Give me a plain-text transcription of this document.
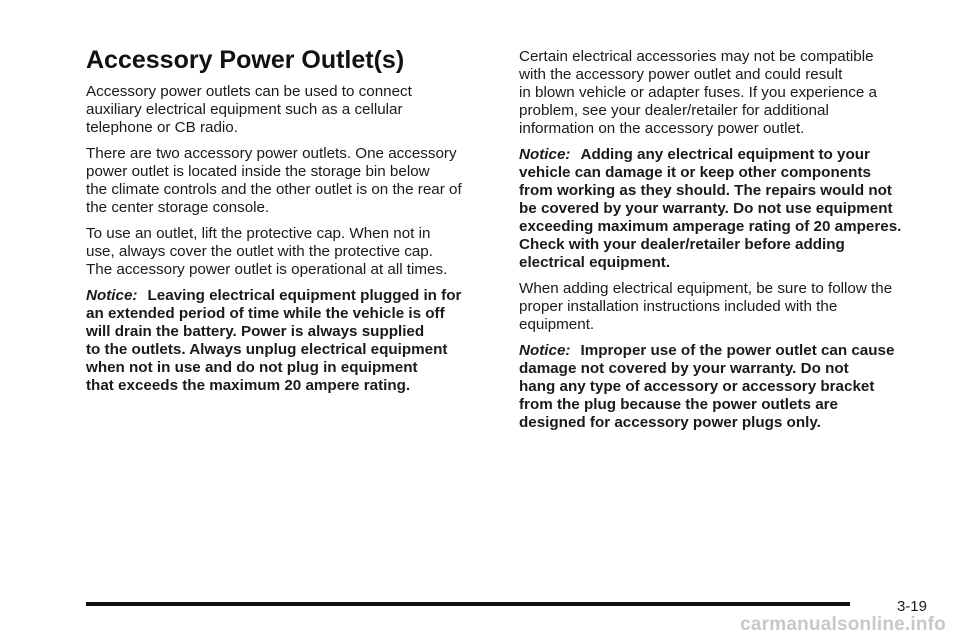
Accessory Power Outlet(s)

Accessory power outlets can be used to connect
auxiliary electrical equipment such as a cellular
telephone or CB radio.

There are two accessory power outlets. One accessory
power outlet is located inside the storage bin below
the climate controls and the other outlet is on the rear of
the center storage console.

To use an outlet, lift the protective cap. When not in
use, always cover the outlet with the protective cap.
The accessory power outlet is operational at all times.

Notice: Leaving electrical equipment plugged in for
an extended period of time while the vehicle is off
will drain the battery. Power is always supplied
to the outlets. Always unplug electrical equipment
when not in use and do not plug in equipment
that exceeds the maximum 20 ampere rating.

Certain electrical accessories may not be compatible
with the accessory power outlet and could result
in blown vehicle or adapter fuses. If you experience a
problem, see your dealer/retailer for additional
information on the accessory power outlet.

Notice: Adding any electrical equipment to your
vehicle can damage it or keep other components
from working as they should. The repairs would not
be covered by your warranty. Do not use equipment
exceeding maximum amperage rating of 20 amperes.
Check with your dealer/retailer before adding
electrical equipment.

When adding electrical equipment, be sure to follow the
proper installation instructions included with the
equipment.

Notice: Improper use of the power outlet can cause
damage not covered by your warranty. Do not
hang any type of accessory or accessory bracket
from the plug because the power outlets are
designed for accessory power plugs only.

3-19
carmanualsonline.info
